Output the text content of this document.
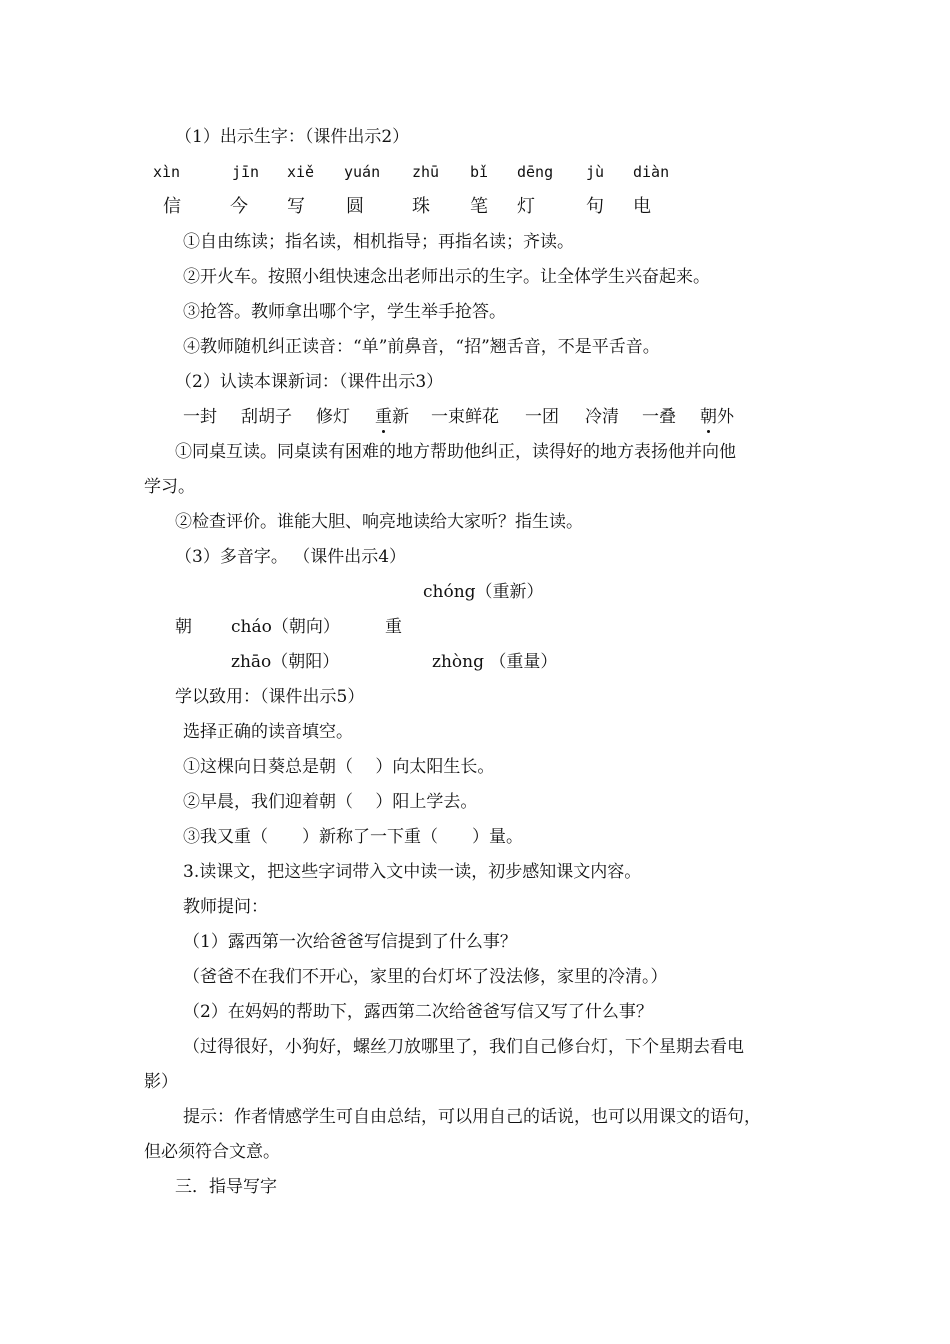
（1）出示生字：（课件出示2）
xìn	jīn xiě yuán zhū bǐ dēng jù diàn
信	今 写 圆	珠 笔 灯	句 电
①自由练读；指名读，相机指导；再指名读；齐读。
②开火车。按照小组快速念出老师出示的生字。让全体学生兴奋起来。
③抢答。教师拿出哪个字，学生举手抢答。
④教师随机纠正读音：“单”前鼻音，“招”翘舌音，不是平舌音。
（2）认读本课新词：（课件出示3）
一封 刮胡子 修灯 重新 一束鲜花 一团 冷清 一叠 朝外
①同桌互读。同桌读有困难的地方帮助他纠正，读得好的地方表扬他并向他
学习。
②检查评价。谁能大胆、响亮地读给大家听？指生读。
（3）多音字。 （课件出示4）
chóng（重新）
朝 cháo（朝向）	重
zhāo（朝阳）	zhòng （重量）
学以致用：（课件出示5）
选择正确的读音填空。
①这棵向日葵总是朝（　 ）向太阳生长。
②早晨，我们迎着朝（　 ）阳上学去。
③我又重（　　）新称了一下重（　　）量。
3.读课文，把这些字词带入文中读一读，初步感知课文内容。
教师提问：
（1）露西第一次给爸爸写信提到了什么事？
（爸爸不在我们不开心，家里的台灯坏了没法修，家里的冷清。）
（2）在妈妈的帮助下，露西第二次给爸爸写信又写了什么事？
（过得很好，小狗好，螺丝刀放哪里了，我们自己修台灯，下个星期去看电
影）
提示：作者情感学生可自由总结，可以用自己的话说，也可以用课文的语句，
但必须符合文意。
三．指导写字
